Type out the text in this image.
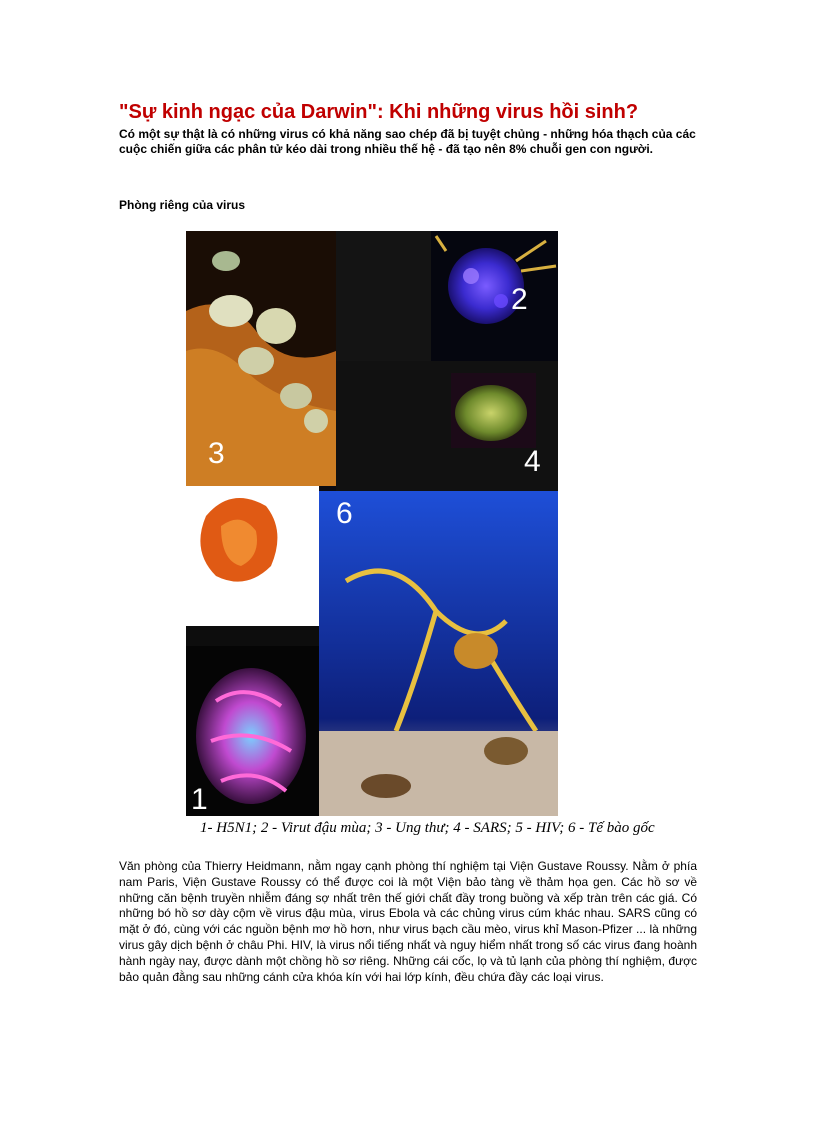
"Sự kinh ngạc của Darwin": Khi những virus hồi sinh?

Có một sự thật là có những virus có khả năng sao chép đã bị tuyệt chủng - những hóa thạch của các cuộc chiến giữa các phân tử kéo dài trong nhiều thế hệ - đã tạo nên 8% chuỗi gen con người.

Phòng riêng của virus

2
3	4
5
6
1

1- H5N1; 2 - Virut đậu mùa; 3 - Ung thư; 4 - SARS; 5 - HIV; 6 - Tế bào gốc

Văn phòng của Thierry Heidmann, nằm ngay cạnh phòng thí nghiệm tại Viện Gustave Roussy. Nằm ở phía nam Paris, Viện Gustave Roussy có thể được coi là một Viện bảo tàng về thảm họa gen. Các hồ sơ về những căn bệnh truyền nhiễm đáng sợ nhất trên thế giới chất đầy trong buồng và xếp tràn trên các giá. Có những bó hồ sơ dày cộm về virus đậu mùa, virus Ebola và các chủng virus cúm khác nhau. SARS cũng có mặt ở đó, cùng với các nguồn bệnh mơ hồ hơn, như virus bạch cầu mèo, virus khỉ Mason-Pfizer ... là những virus gây dịch bệnh ở châu Phi. HIV, là virus nổi tiếng nhất và nguy hiểm nhất trong số các virus đang hoành hành ngày nay, được dành một chồng hồ sơ riêng. Những cái cốc, lọ và tủ lạnh của phòng thí nghiệm, được bảo quản đằng sau những cánh cửa khóa kín với hai lớp kính, đều chứa đầy các loại virus.
